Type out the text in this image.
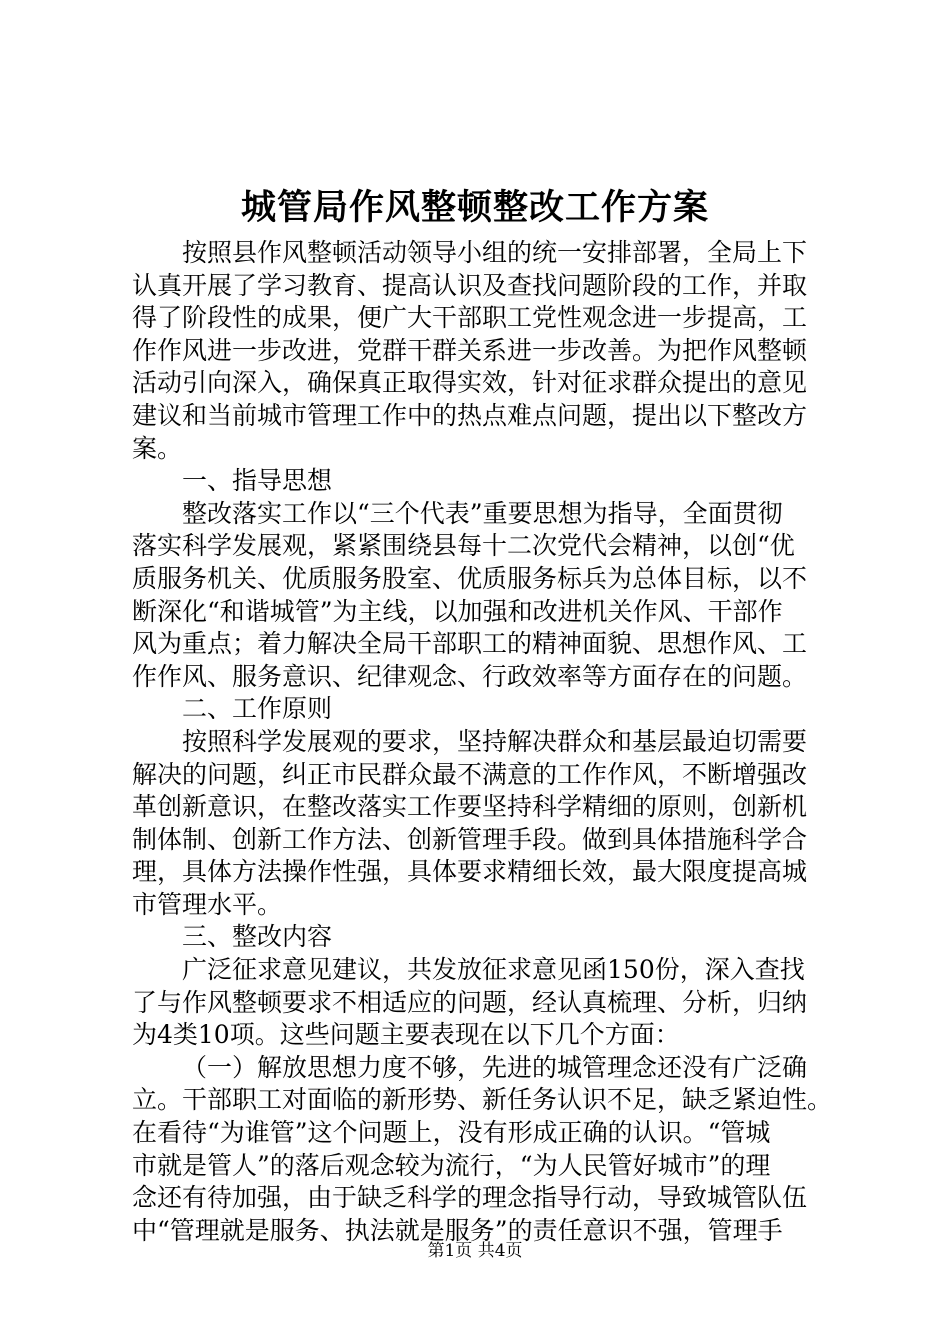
城管局作风整顿整改工作方案
按照县作风整顿活动领导小组的统一安排部署，全局上下
认真开展了学习教育、提高认识及查找问题阶段的工作，并取
得了阶段性的成果，便广大干部职工党性观念进一步提高，工
作作风进一步改进，党群干群关系进一步改善。为把作风整顿
活动引向深入，确保真正取得实效，针对征求群众提出的意见
建议和当前城市管理工作中的热点难点问题，提出以下整改方
案。
一、指导思想
整改落实工作以“三个代表”重要思想为指导，全面贯彻
落实科学发展观，紧紧围绕县每十二次党代会精神，以创“优
质服务机关、优质服务股室、优质服务标兵为总体目标，以不
断深化“和谐城管”为主线，以加强和改进机关作风、干部作
风为重点；着力解决全局干部职工的精神面貌、思想作风、工
作作风、服务意识、纪律观念、行政效率等方面存在的问题。
二、工作原则
按照科学发展观的要求，坚持解决群众和基层最迫切需要
解决的问题，纠正市民群众最不满意的工作作风，不断增强改
革创新意识，在整改落实工作要坚持科学精细的原则，创新机
制体制、创新工作方法、创新管理手段。做到具体措施科学合
理，具体方法操作性强，具体要求精细长效，最大限度提高城
市管理水平。
三、整改内容
广泛征求意见建议，共发放征求意见函150份，深入查找
了与作风整顿要求不相适应的问题，经认真梳理、分析，归纳
为4类10项。这些问题主要表现在以下几个方面：
（一）解放思想力度不够，先进的城管理念还没有广泛确
立。干部职工对面临的新形势、新任务认识不足，缺乏紧迫性。
在看待“为谁管”这个问题上，没有形成正确的认识。“管城
市就是管人”的落后观念较为流行，“为人民管好城市”的理
念还有待加强，由于缺乏科学的理念指导行动，导致城管队伍
中“管理就是服务、执法就是服务”的责任意识不强，管理手
第1页 共4页
